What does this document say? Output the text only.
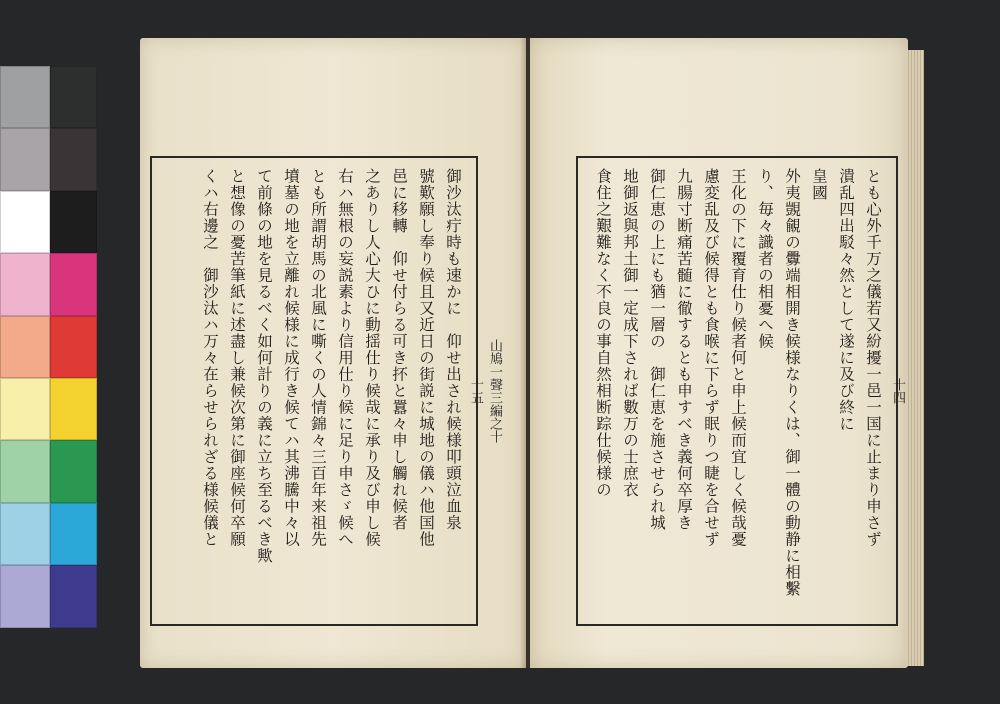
山鳩一聲三編之十
十五

御沙汰疔時も速かに　仰せ出され候様叩頭泣血泉

號歎願し奉り候且又近日の街説に城地の儀ハ他国他

邑に移轉　仰せ付らる可き抔と囂々申し觸れ候者

之ありし人心大ひに動揺仕り候哉に承り及び申し候

右ハ無根の妄説素より信用仕り候に足り申さゞ候へ

とも所謂胡馬の北風に嘶くの人情錦々三百年来祖先

墳墓の地を立離れ候様に成行き候てハ其沸騰中々以

て前條の地を見るべく如何計りの義に立ち至るべき歟

と想像の憂苦筆紙に述盡し兼候次第に御座候何卒願

くハ右邊之　御沙汰ハ万々在らせられざる様候儀と	十四

とも心外千万之儀若又紛擾一邑一国に止まり申さず

潰乱四出駁々然として遂に及び終に

皇國

外夷覬覦の釁端相開き候様なりくは、御一體の動静に相繫り、毎々識者の相憂へ候

王化の下に覆育仕り候者何と申上候而宜しく候哉憂

慮変乱及び候得とも食喉に下らず眠りつ睫を合せず

九腸寸断痛苦髄に徹するとも申すべき義何卒厚き

御仁恵の上にも猶一層の　御仁恵を施させられ城

地御返與邦土御一定成下されば數万の士庶衣

食住之艱難なく不良の事自然相断踪仕候様の
